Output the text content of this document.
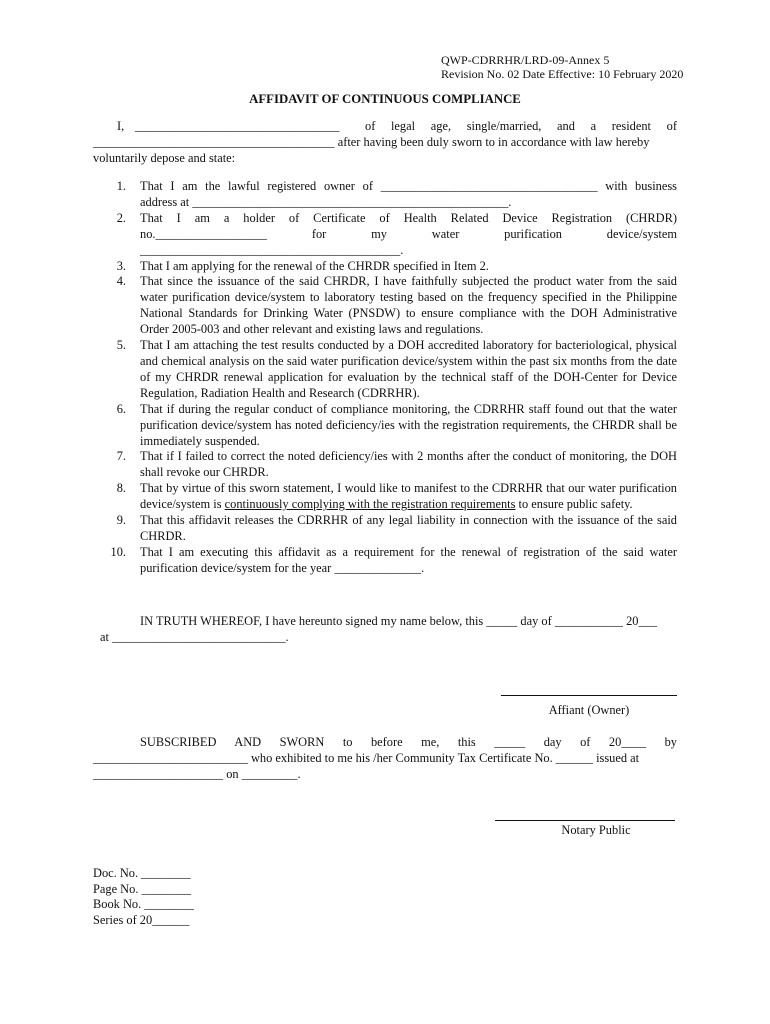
QWP-CDRRHR/LRD-09-Annex 5
Revision No. 02 Date Effective: 10 February 2020
AFFIDAVIT OF CONTINUOUS COMPLIANCE
I, _________________________________ of legal age, single/married, and a resident of
_______________________________________ after having been duly sworn to in accordance with law hereby
voluntarily depose and state:
1. That I am the lawful registered owner of ___________________________________ with business
address at ___________________________________________________.
2. That I am a holder of Certificate of Health Related Device Registration (CHRDR)
no.__________________ for my water purification device/system
__________________________________________.
3. That I am applying for the renewal of the CHRDR specified in Item 2.
4. That since the issuance of the said CHRDR, I have faithfully subjected the product water from the said water purification device/system to laboratory testing based on the frequency specified in the Philippine National Standards for Drinking Water (PNSDW) to ensure compliance with the DOH Administrative Order 2005-003 and other relevant and existing laws and regulations.
5. That I am attaching the test results conducted by a DOH accredited laboratory for bacteriological, physical and chemical analysis on the said water purification device/system within the past six months from the date of my CHRDR renewal application for evaluation by the technical staff of the DOH-Center for Device Regulation, Radiation Health and Research (CDRRHR).
6. That if during the regular conduct of compliance monitoring, the CDRRHR staff found out that the water purification device/system has noted deficiency/ies with the registration requirements, the CHRDR shall be immediately suspended.
7. That if I failed to correct the noted deficiency/ies with 2 months after the conduct of monitoring, the DOH shall revoke our CHRDR.
8. That by virtue of this sworn statement, I would like to manifest to the CDRRHR that our water purification device/system is continuously complying with the registration requirements to ensure public safety.
9. That this affidavit releases the CDRRHR of any legal liability in connection with the issuance of the said CHRDR.
10. That I am executing this affidavit as a requirement for the renewal of registration of the said water purification device/system for the year ______________.
IN TRUTH WHEREOF, I have hereunto signed my name below, this _____ day of ___________ 20___
at ____________________________.
Affiant (Owner)
SUBSCRIBED AND SWORN to before me, this _____ day of 20____ by
_________________________ who exhibited to me his /her Community Tax Certificate No. ______ issued at
_____________________ on _________.
Notary Public
Doc. No. ________
Page No. ________
Book No. ________
Series of 20______
